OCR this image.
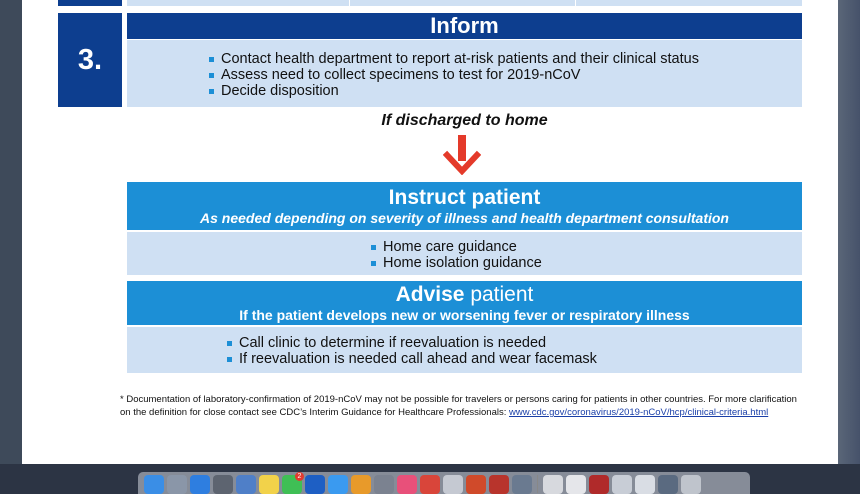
3.
Inform
Contact health department to report at-risk patients and their clinical status
Assess need to collect specimens to test for 2019-nCoV
Decide disposition
If discharged to home
Instruct patient
As needed depending on severity of illness and health department consultation
Home care guidance
Home isolation guidance
Advise patient
If the patient develops new or worsening fever or respiratory illness
Call clinic to determine if reevaluation is needed
If reevaluation is needed call ahead and wear facemask
* Documentation of laboratory-confirmation of 2019-nCoV may not be possible for travelers or persons caring for patients in other countries. For more clarification on the definition for close contact see CDC’s Interim Guidance for Healthcare Professionals: www.cdc.gov/coronavirus/2019-nCoV/hcp/clinical-criteria.html
2
